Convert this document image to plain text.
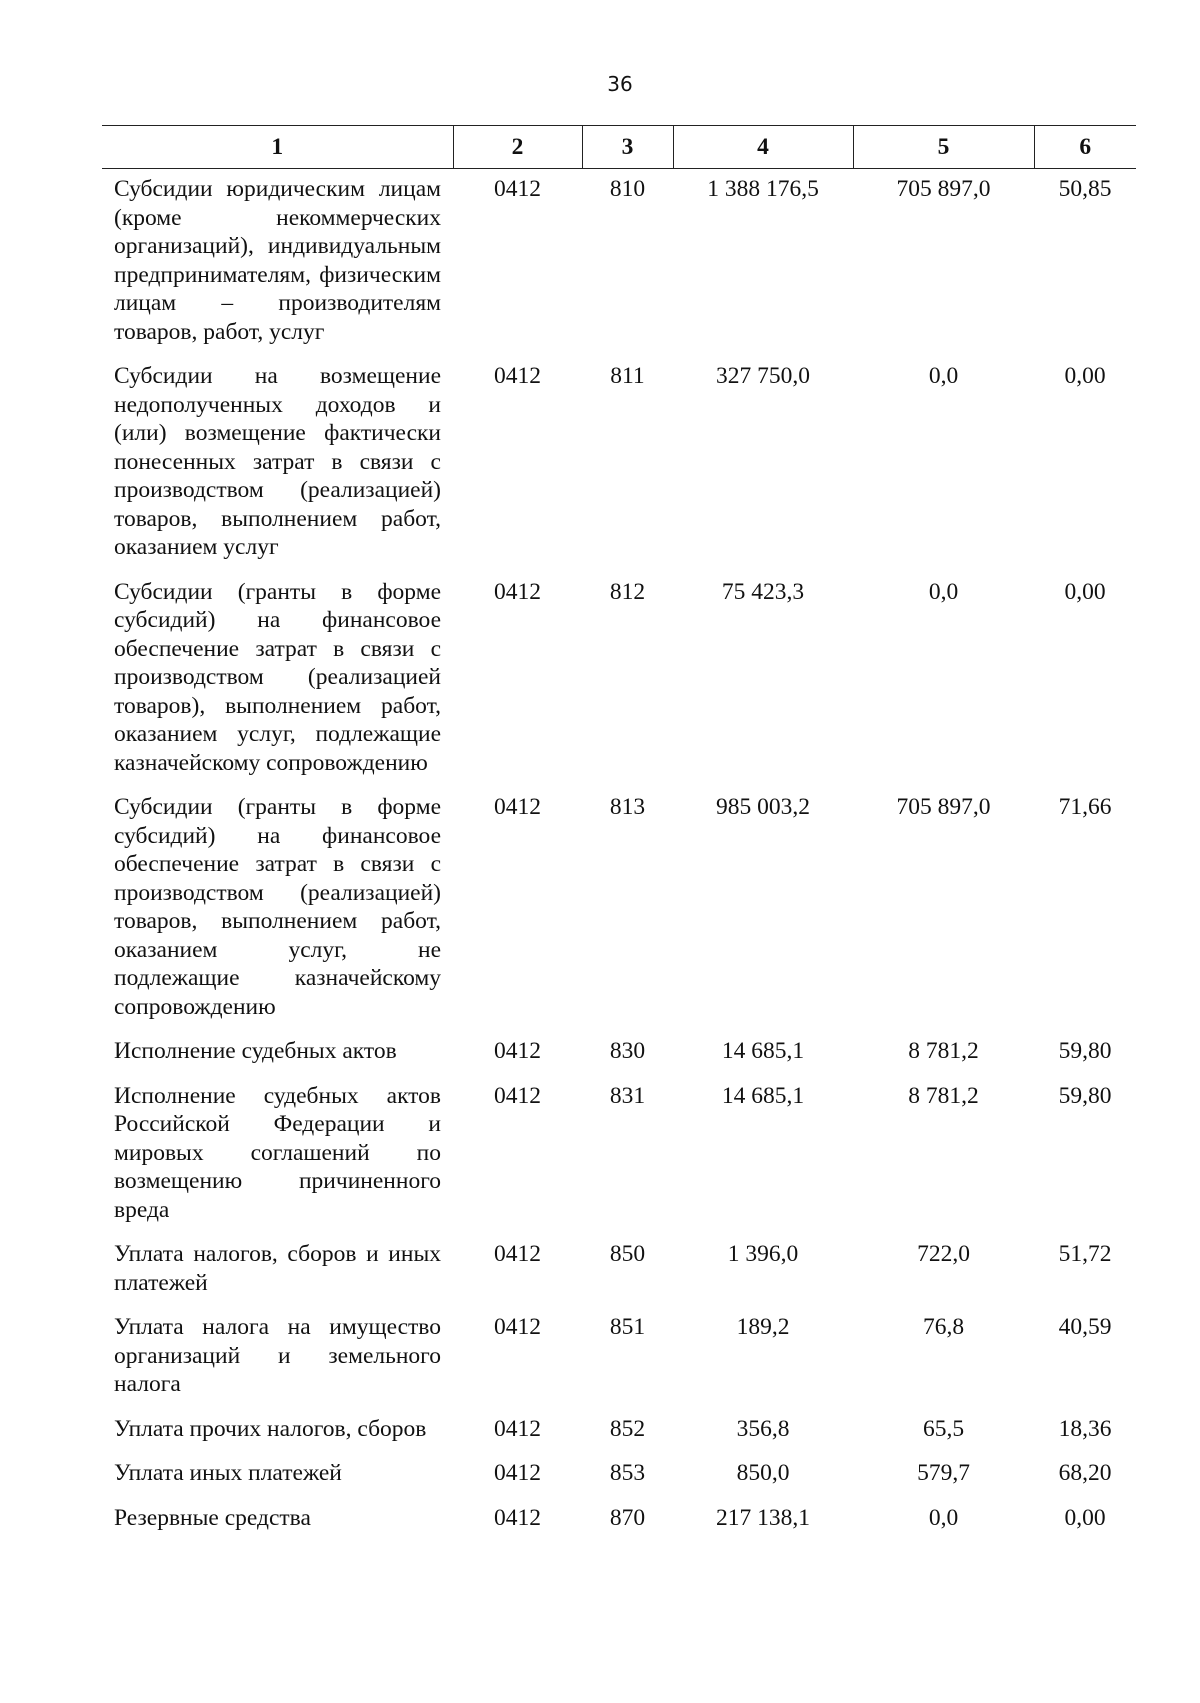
36
1	2	3	4	5	6
Субсидии юридическим лицам (кроме некоммерческих организаций), индивидуальным предпринимателям, физическим лицам – производителям товаров, работ, услуг	0412	810	1 388 176,5	705 897,0	50,85
Субсидии на возмещение недополученных доходов и (или) возмещение фактически понесенных затрат в связи с производством (реализацией) товаров, выполнением работ, оказанием услуг	0412	811	327 750,0	0,0	0,00
Субсидии (гранты в форме субсидий) на финансовое обеспечение затрат в связи с производством (реализацией товаров), выполнением работ, оказанием услуг, подлежащие казначейскому сопровождению	0412	812	75 423,3	0,0	0,00
Субсидии (гранты в форме субсидий) на финансовое обеспечение затрат в связи с производством (реализацией) товаров, выполнением работ, оказанием услуг, не подлежащие казначейскому сопровождению	0412	813	985 003,2	705 897,0	71,66
Исполнение судебных актов	0412	830	14 685,1	8 781,2	59,80
Исполнение судебных актов Российской Федерации и мировых соглашений по возмещению причиненного вреда	0412	831	14 685,1	8 781,2	59,80
Уплата налогов, сборов и иных платежей	0412	850	1 396,0	722,0	51,72
Уплата налога на имущество организаций и земельного налога	0412	851	189,2	76,8	40,59
Уплата прочих налогов, сборов	0412	852	356,8	65,5	18,36
Уплата иных платежей	0412	853	850,0	579,7	68,20
Резервные средства	0412	870	217 138,1	0,0	0,00
